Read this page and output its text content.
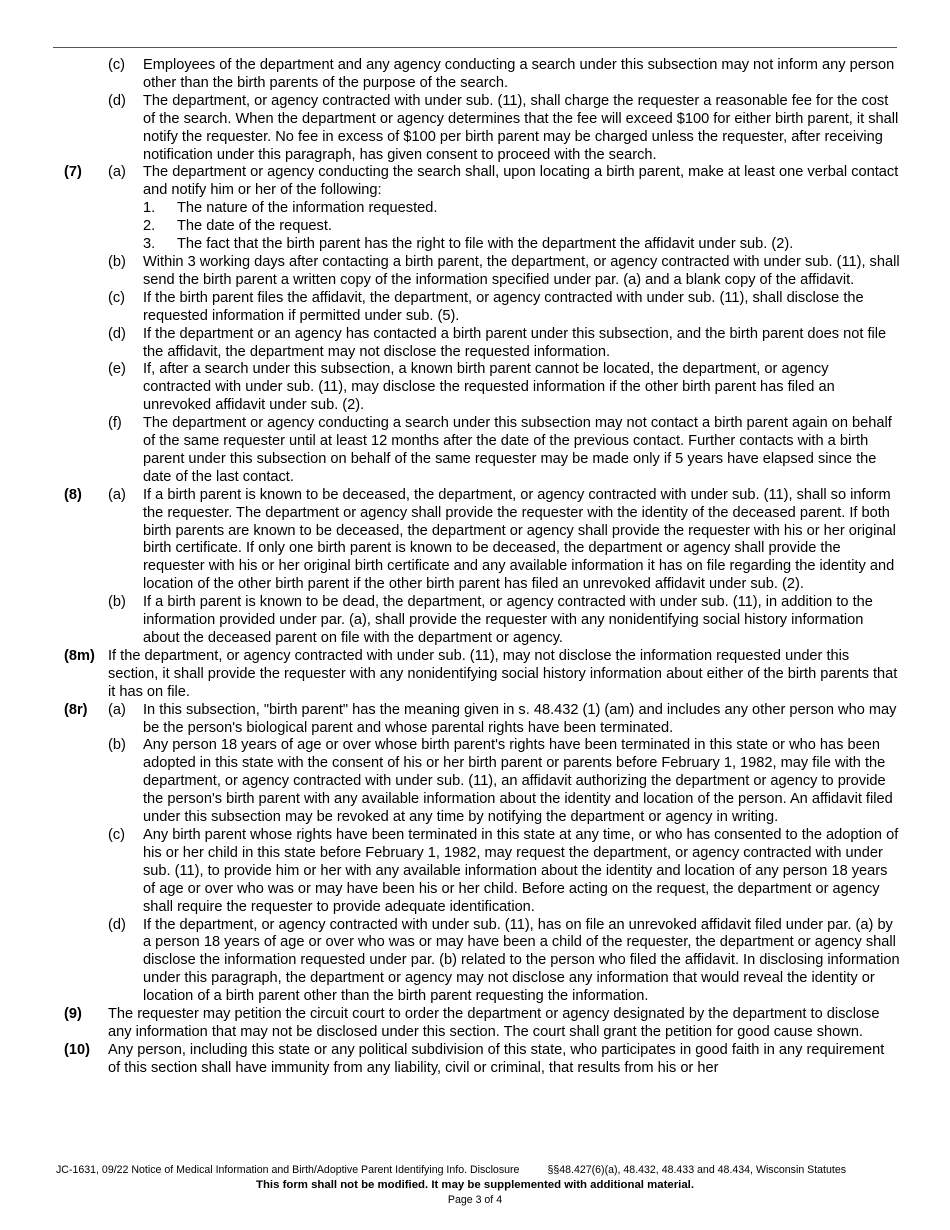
(c) Employees of the department and any agency conducting a search under this subsection may not inform any person other than the birth parents of the purpose of the search.
(d) The department, or agency contracted with under sub. (11), shall charge the requester a reasonable fee for the cost of the search. When the department or agency determines that the fee will exceed $100 for either birth parent, it shall notify the requester. No fee in excess of $100 per birth parent may be charged unless the requester, after receiving notification under this paragraph, has given consent to proceed with the search.
(7) (a) The department or agency conducting the search shall, upon locating a birth parent, make at least one verbal contact and notify him or her of the following:
1. The nature of the information requested.
2. The date of the request.
3. The fact that the birth parent has the right to file with the department the affidavit under sub. (2).
(b) Within 3 working days after contacting a birth parent, the department, or agency contracted with under sub. (11), shall send the birth parent a written copy of the information specified under par. (a) and a blank copy of the affidavit.
(c) If the birth parent files the affidavit, the department, or agency contracted with under sub. (11), shall disclose the requested information if permitted under sub. (5).
(d) If the department or an agency has contacted a birth parent under this subsection, and the birth parent does not file the affidavit, the department may not disclose the requested information.
(e) If, after a search under this subsection, a known birth parent cannot be located, the department, or agency contracted with under sub. (11), may disclose the requested information if the other birth parent has filed an unrevoked affidavit under sub. (2).
(f) The department or agency conducting a search under this subsection may not contact a birth parent again on behalf of the same requester until at least 12 months after the date of the previous contact. Further contacts with a birth parent under this subsection on behalf of the same requester may be made only if 5 years have elapsed since the date of the last contact.
(8) (a) If a birth parent is known to be deceased, the department, or agency contracted with under sub. (11), shall so inform the requester. The department or agency shall provide the requester with the identity of the deceased parent. If both birth parents are known to be deceased, the department or agency shall provide the requester with his or her original birth certificate. If only one birth parent is known to be deceased, the department or agency shall provide the requester with his or her original birth certificate and any available information it has on file regarding the identity and location of the other birth parent if the other birth parent has filed an unrevoked affidavit under sub. (2).
(b) If a birth parent is known to be dead, the department, or agency contracted with under sub. (11), in addition to the information provided under par. (a), shall provide the requester with any nonidentifying social history information about the deceased parent on file with the department or agency.
(8m) If the department, or agency contracted with under sub. (11), may not disclose the information requested under this section, it shall provide the requester with any nonidentifying social history information about either of the birth parents that it has on file.
(8r) (a) In this subsection, "birth parent" has the meaning given in s. 48.432 (1) (am) and includes any other person who may be the person's biological parent and whose parental rights have been terminated.
(b) Any person 18 years of age or over whose birth parent's rights have been terminated in this state or who has been adopted in this state with the consent of his or her birth parent or parents before February 1, 1982, may file with the department, or agency contracted with under sub. (11), an affidavit authorizing the department or agency to provide the person's birth parent with any available information about the identity and location of the person. An affidavit filed under this subsection may be revoked at any time by notifying the department or agency in writing.
(c) Any birth parent whose rights have been terminated in this state at any time, or who has consented to the adoption of his or her child in this state before February 1, 1982, may request the department, or agency contracted with under sub. (11), to provide him or her with any available information about the identity and location of any person 18 years of age or over who was or may have been his or her child. Before acting on the request, the department or agency shall require the requester to provide adequate identification.
(d) If the department, or agency contracted with under sub. (11), has on file an unrevoked affidavit filed under par. (a) by a person 18 years of age or over who was or may have been a child of the requester, the department or agency shall disclose the information requested under par. (b) related to the person who filed the affidavit. In disclosing information under this paragraph, the department or agency may not disclose any information that would reveal the identity or location of a birth parent other than the birth parent requesting the information.
(9) The requester may petition the circuit court to order the department or agency designated by the department to disclose any information that may not be disclosed under this section. The court shall grant the petition for good cause shown.
(10) Any person, including this state or any political subdivision of this state, who participates in good faith in any requirement of this section shall have immunity from any liability, civil or criminal, that results from his or her
JC-1631, 09/22 Notice of Medical Information and Birth/Adoptive Parent Identifying Info. Disclosure	§§48.427(6)(a), 48.432, 48.433 and 48.434, Wisconsin Statutes
This form shall not be modified. It may be supplemented with additional material.
Page 3 of 4
